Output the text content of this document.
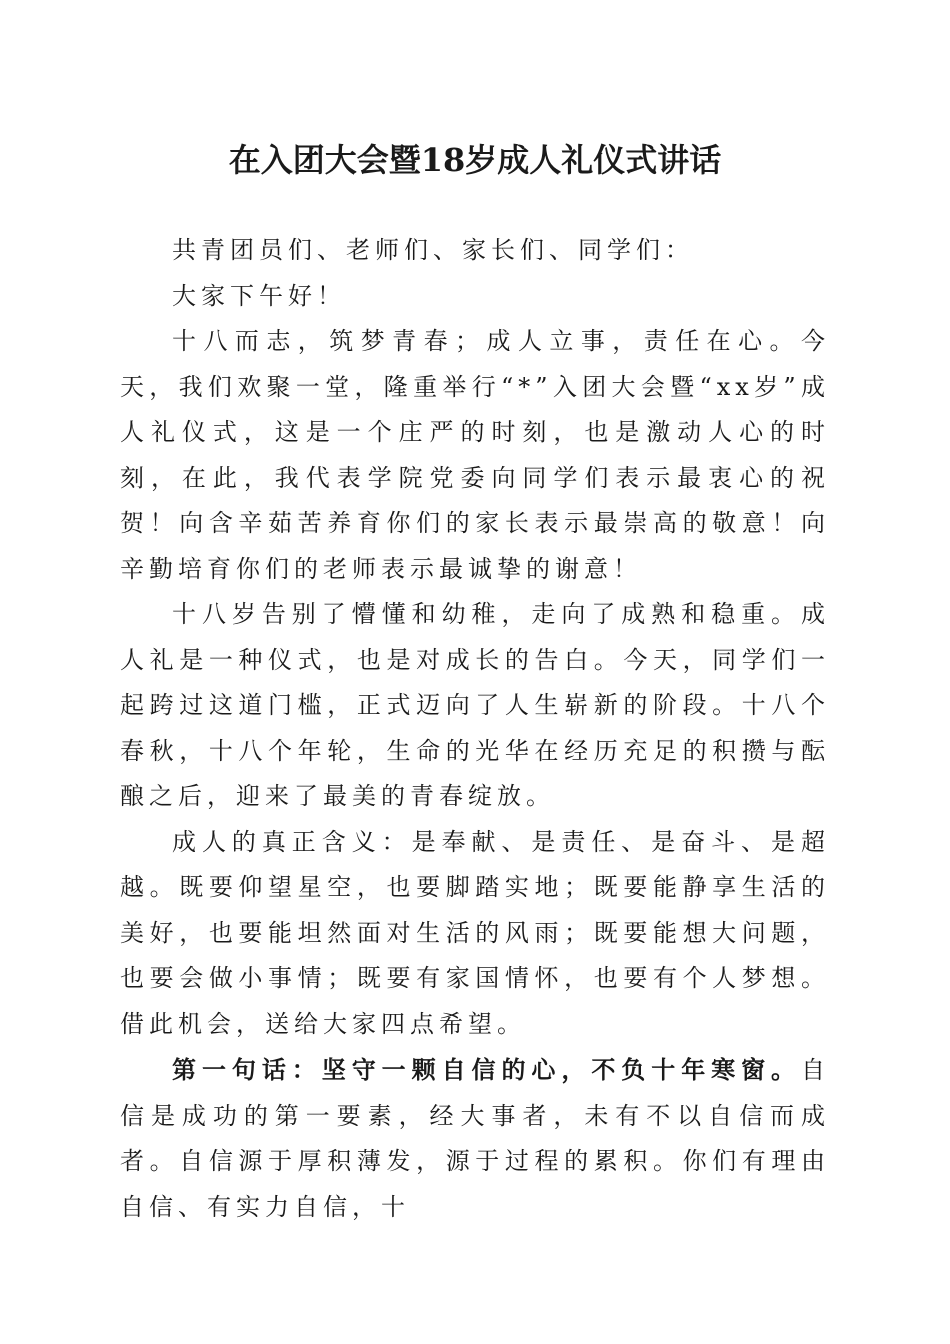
在入团大会暨18岁成人礼仪式讲话

共青团员们、老师们、家长们、同学们：

大家下午好！

十八而志，筑梦青春；成人立事，责任在心。今天，我们欢聚一堂，隆重举行“*”入团大会暨“xx岁”成人礼仪式，这是一个庄严的时刻，也是激动人心的时刻，在此，我代表学院党委向同学们表示最衷心的祝贺！向含辛茹苦养育你们的家长表示最崇高的敬意！向辛勤培育你们的老师表示最诚挚的谢意！

十八岁告别了懵懂和幼稚，走向了成熟和稳重。成人礼是一种仪式，也是对成长的告白。今天，同学们一起跨过这道门槛，正式迈向了人生崭新的阶段。十八个春秋，十八个年轮，生命的光华在经历充足的积攒与酝酿之后，迎来了最美的青春绽放。

成人的真正含义：是奉献、是责任、是奋斗、是超越。既要仰望星空，也要脚踏实地；既要能静享生活的美好，也要能坦然面对生活的风雨；既要能想大问题，也要会做小事情；既要有家国情怀，也要有个人梦想。借此机会，送给大家四点希望。

第一句话：坚守一颗自信的心，不负十年寒窗。自信是成功的第一要素，经大事者，未有不以自信而成者。自信源于厚积薄发，源于过程的累积。你们有理由自信、有实力自信，十
